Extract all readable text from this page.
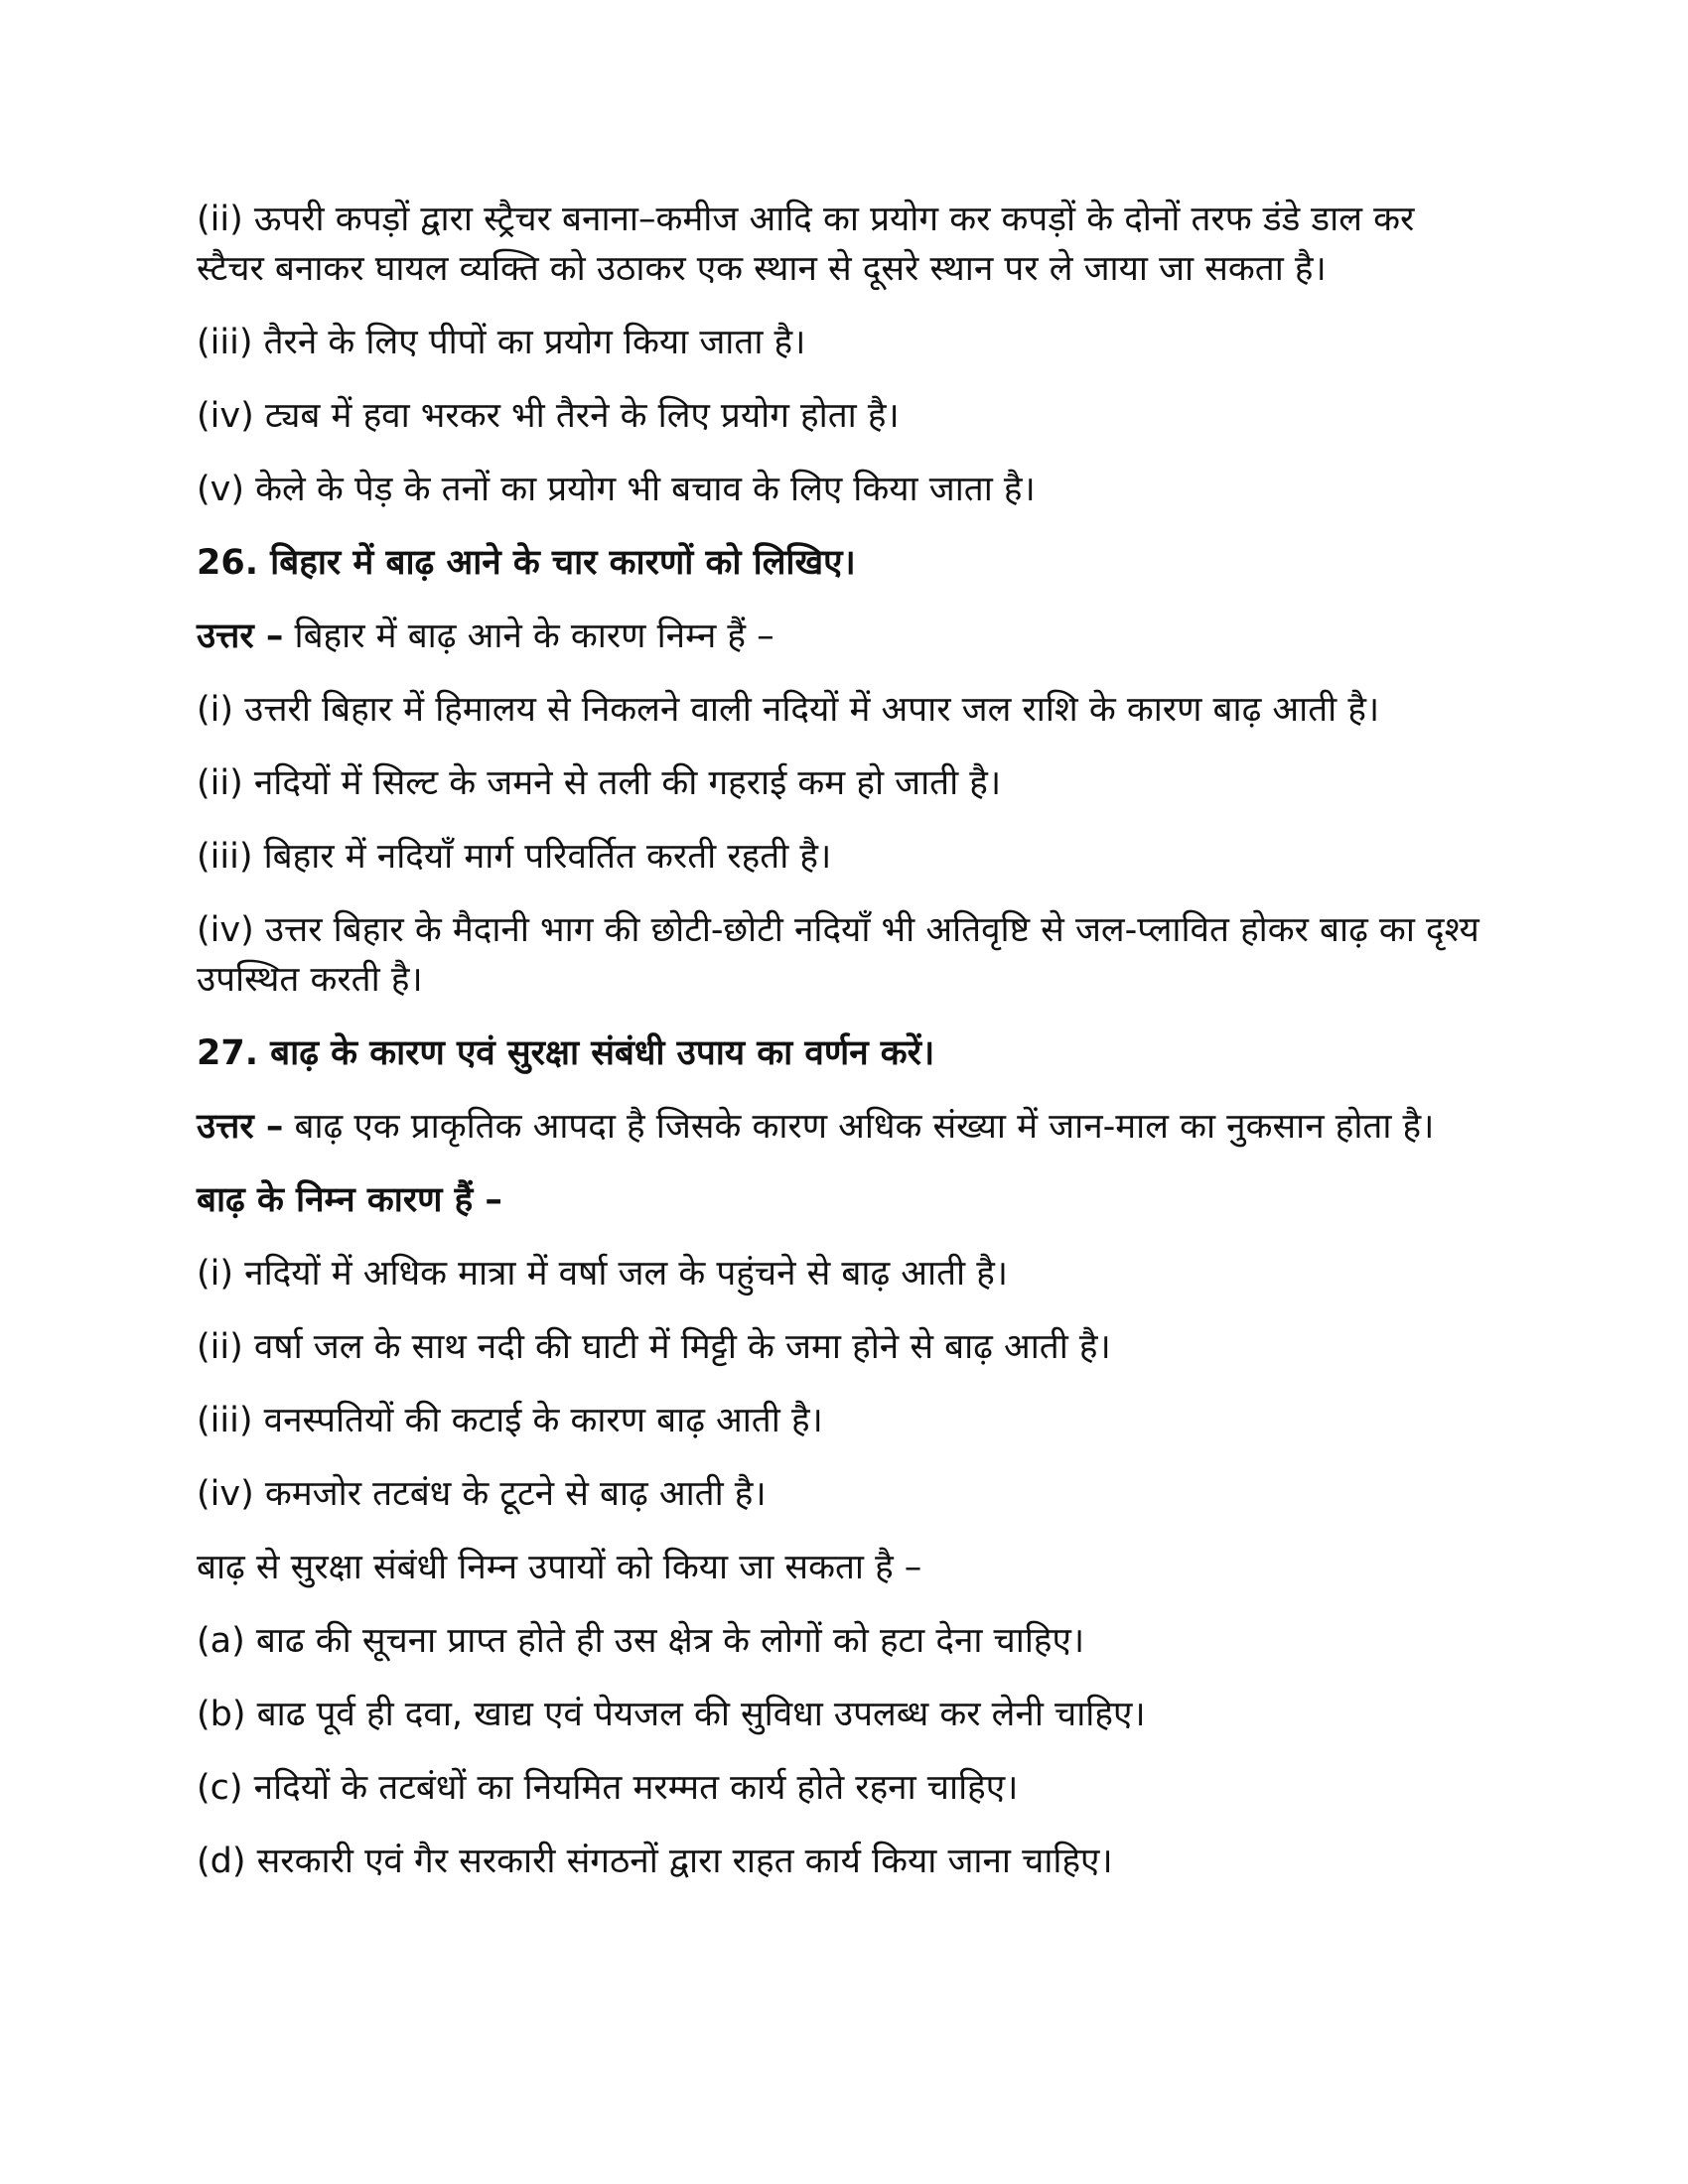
(ii) ऊपरी कपड़ों द्वारा स्ट्रैचर बनाना–कमीज आदि का प्रयोग कर कपड़ों के दोनों तरफ डंडे डाल कर स्टैचर बनाकर घायल व्यक्ति को उठाकर एक स्थान से दूसरे स्थान पर ले जाया जा सकता है।

(iii) तैरने के लिए पीपों का प्रयोग किया जाता है।

(iv) ट्यब में हवा भरकर भी तैरने के लिए प्रयोग होता है।

(v) केले के पेड़ के तनों का प्रयोग भी बचाव के लिए किया जाता है।

26. बिहार में बाढ़ आने के चार कारणों को लिखिए।

उत्तर – बिहार में बाढ़ आने के कारण निम्न हैं –

(i) उत्तरी बिहार में हिमालय से निकलने वाली नदियों में अपार जल राशि के कारण बाढ़ आती है।

(ii) नदियों में सिल्ट के जमने से तली की गहराई कम हो जाती है।

(iii) बिहार में नदियाँ मार्ग परिवर्तित करती रहती है।

(iv) उत्तर बिहार के मैदानी भाग की छोटी-छोटी नदियाँ भी अतिवृष्टि से जल-प्लावित होकर बाढ़ का दृश्य उपस्थित करती है।

27. बाढ़ के कारण एवं सुरक्षा संबंधी उपाय का वर्णन करें।

उत्तर – बाढ़ एक प्राकृतिक आपदा है जिसके कारण अधिक संख्या में जान-माल का नुकसान होता है।

बाढ़ के निम्न कारण हैं –

(i) नदियों में अधिक मात्रा में वर्षा जल के पहुंचने से बाढ़ आती है।

(ii) वर्षा जल के साथ नदी की घाटी में मिट्टी के जमा होने से बाढ़ आती है।

(iii) वनस्पतियों की कटाई के कारण बाढ़ आती है।

(iv) कमजोर तटबंध के टूटने से बाढ़ आती है।

बाढ़ से सुरक्षा संबंधी निम्न उपायों को किया जा सकता है –

(a) बाढ की सूचना प्राप्त होते ही उस क्षेत्र के लोगों को हटा देना चाहिए।

(b) बाढ पूर्व ही दवा, खाद्य एवं पेयजल की सुविधा उपलब्ध कर लेनी चाहिए।

(c) नदियों के तटबंधों का नियमित मरम्मत कार्य होते रहना चाहिए।

(d) सरकारी एवं गैर सरकारी संगठनों द्वारा राहत कार्य किया जाना चाहिए।
